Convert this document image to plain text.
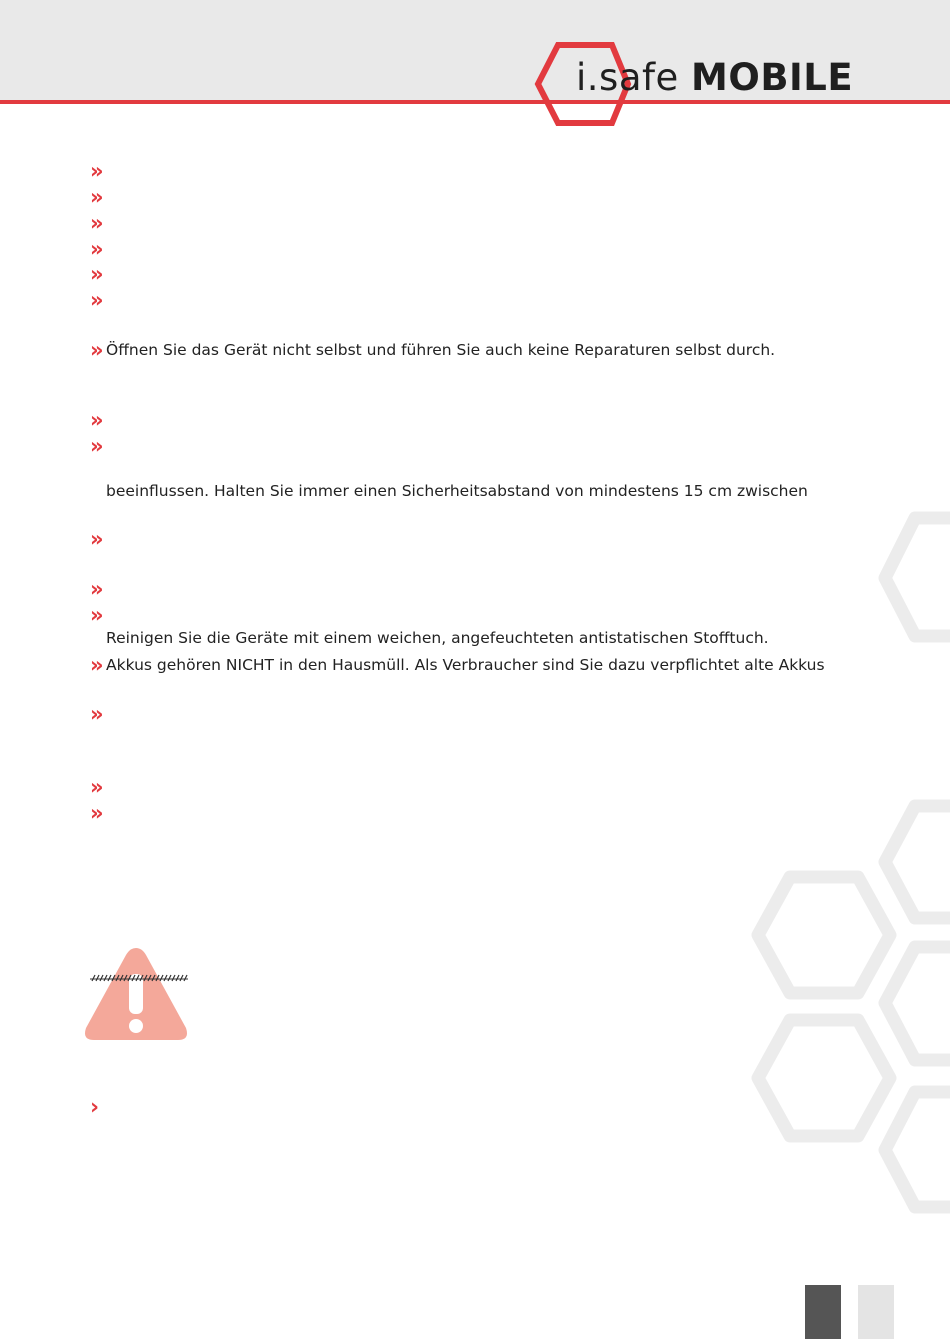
i.safe MOBILE
»
»
»
»
»
»
»
»
»
»
»
»
»
»
»
»
›
Öffnen Sie das Gerät nicht selbst und führen Sie auch keine Reparaturen selbst durch.
beeinflussen. Halten Sie immer einen Sicherheitsabstand von mindestens 15 cm zwischen
Reinigen Sie die Geräte mit einem weichen, angefeuchteten antistatischen Stofftuch.
Akkus gehören NICHT in den Hausmüll. Als Verbraucher sind Sie dazu verpflichtet alte Akkus
